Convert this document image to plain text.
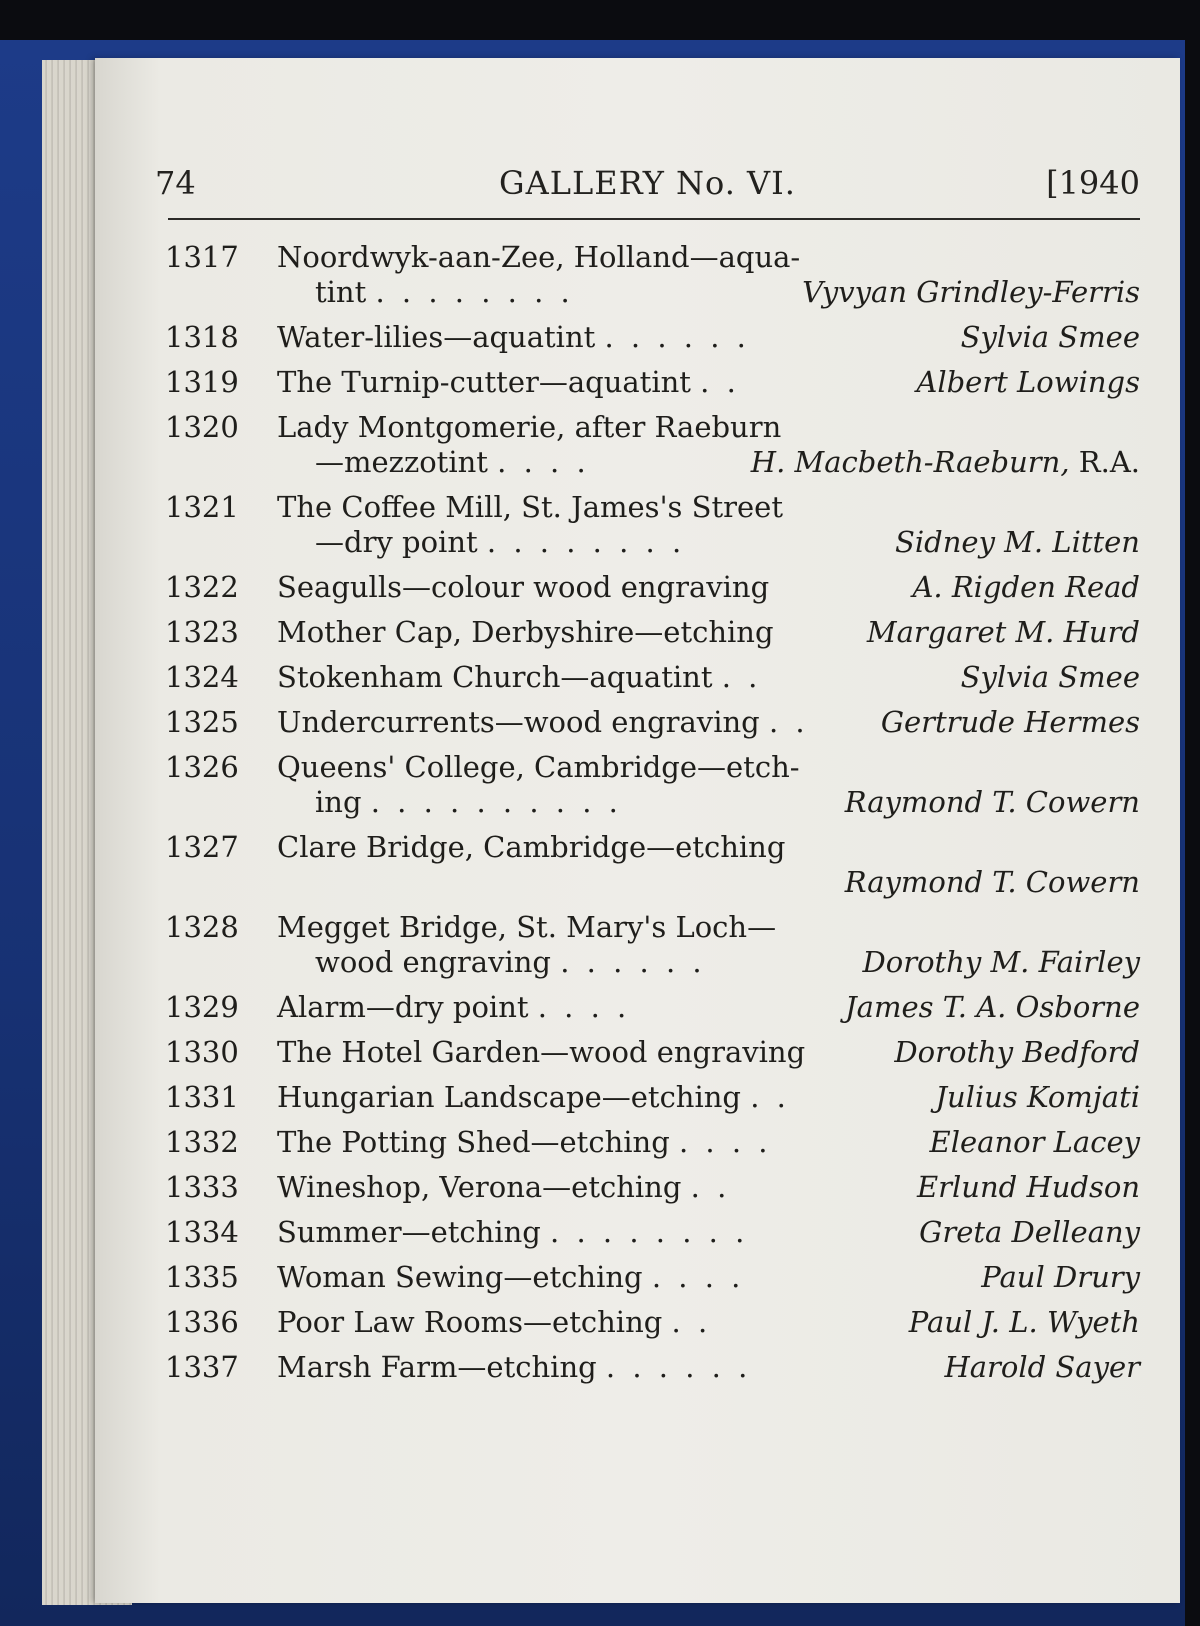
74	GALLERY No. VI.	[1940
1317	Noordwyk-aan-Zee, Holland—aqua-
tint . . . . . . . .	Vyvyan Grindley-Ferris
1318	Water-lilies—aquatint . . . . . .	Sylvia Smee
1319	The Turnip-cutter—aquatint . .	Albert Lowings
1320	Lady Montgomerie, after Raeburn
—mezzotint . . . .	H. Macbeth-Raeburn, R.A.
1321	The Coffee Mill, St. James's Street
—dry point . . . . . . . .	Sidney M. Litten
1322	Seagulls—colour wood engraving	A. Rigden Read
1323	Mother Cap, Derbyshire—etching	Margaret M. Hurd
1324	Stokenham Church—aquatint . .	Sylvia Smee
1325	Undercurrents—wood engraving . . Gertrude Hermes
1326	Queens' College, Cambridge—etch-
ing . . . . . . . . . .	Raymond T. Cowern
1327	Clare Bridge, Cambridge—etching
Raymond T. Cowern
1328	Megget Bridge, St. Mary's Loch—
wood engraving . . . . . .	Dorothy M. Fairley
1329	Alarm—dry point . . . .	James T. A. Osborne
1330	The Hotel Garden—wood engraving	Dorothy Bedford
1331	Hungarian Landscape—etching . .	Julius Komjati
1332	The Potting Shed—etching . . . .	Eleanor Lacey
1333	Wineshop, Verona—etching . .	Erlund Hudson
1334	Summer—etching . . . . . . . .	Greta Delleany
1335	Woman Sewing—etching . . . .	Paul Drury
1336	Poor Law Rooms—etching . .	Paul J. L. Wyeth
1337	Marsh Farm—etching . . . . . .	Harold Sayer
